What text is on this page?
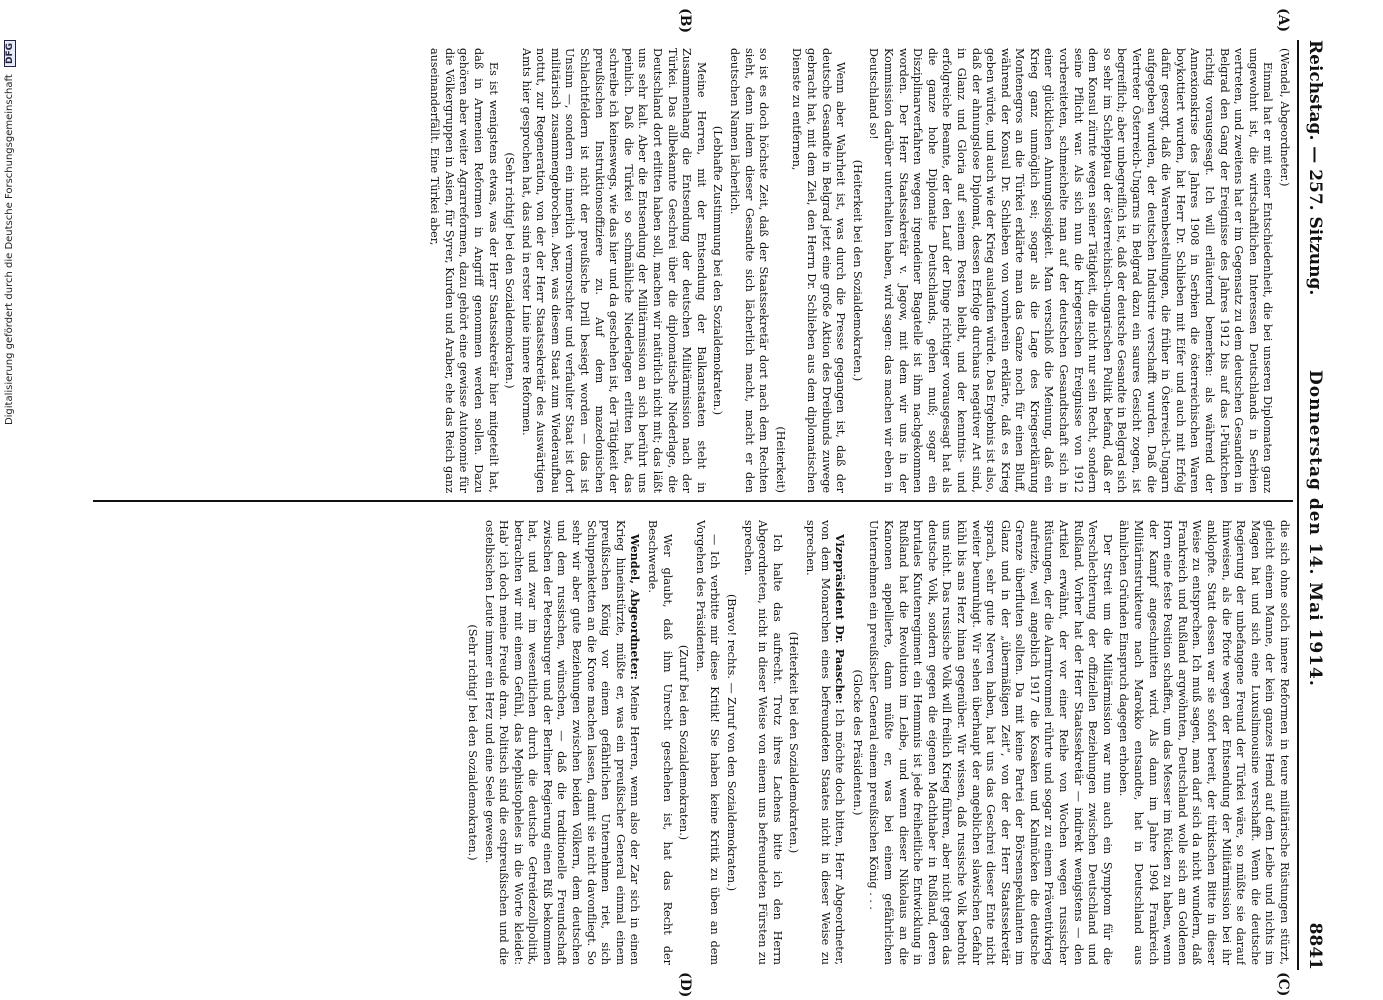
Reichstag. — 257. Sitzung.
Donnerstag den 14. Mai 1914.
8841
(A)
(B)
(C)
(D)

(Wendel, Abgeordneter.)

Einmal hat er mit einer Entschiedenheit, die bei unseren Diplomaten ganz ungewohnt ist, die wirtschaftlichen Interessen Deutschlands in Serbien vertreten, und zweitens hat er im Gegensatz zu dem deutschen Gesandten in Belgrad den Gang der Ereignisse des Jahres 1912 bis auf das I-Pünktchen richtig vorausgesagt. Ich will erläuternd bemerken: als während der Annexionskrise des Jahres 1908 in Serbien die österreichischen Waren boykottiert wurden, hat Herr Dr. Schlieben mit Eifer und auch mit Erfolg dafür gesorgt, daß die Warenbestellungen, die früher in Österreich-Ungarn aufgegeben wurden, der deutschen Industrie verschafft wurden. Daß die Vertreter Österreich-Ungarns in Belgrad dazu ein saures Gesicht zogen, ist begreiflich; aber unbegreiflich ist, daß der deutsche Gesandte in Belgrad sich so sehr im Schlepptau der österreichisch-ungarischen Politik befand, daß er dem Konsul zürnte wegen seiner Tätigkeit, die nicht nur sein Recht, sondern seine Pflicht war. Als sich nun die kriegerischen Ereignisse von 1912 vorbereiteten, schmeichelte man auf der deutschen Gesandtschaft sich in einer glücklichen Ahnungslosigkeit. Man verschloß die Meinung, daß ein Krieg ganz unmöglich sei; sogar als die Lage des Kriegserklärung Montenegros an die Türkei erklärte man das Ganze noch für einen Bluff, während der Konsul Dr. Schlieben von vornherein erklärte, daß es Krieg geben würde, und auch wie der Krieg auslaufen würde. Das Ergebnis ist also, daß der ahnungslose Diplomat, dessen Erfolge durchaus negativer Art sind, in Glanz und Gloria auf seinem Posten bleibt, und der kenntnis- und erfolgreiche Beamte, der den Lauf der Dinge richtiger vorausgesagt hat als die ganze hohe Diplomatie Deutschlands, gehen muß; sogar ein Disziplinarverfahren wegen irgendeiner Bagatelle ist ihm nachgekommen worden. Der Herr Staatssekretär v. Jagow, mit dem wir uns in der Kommission darüber unterhalten haben, wird sagen: das machen wir eben in Deutschland so!

(Heiterkeit bei den Sozialdemokraten.)

Wenn aber Wahrheit ist, was durch die Presse gegangen ist, daß der deutsche Gesandte in Belgrad jetzt eine große Aktion des Dreibunds zuwege gebracht hat, mit dem Ziel, den Herrn Dr. Schlieben aus dem diplomatischen Dienste zu entfernen,

(Heiterkeit)

so ist es doch höchste Zeit, daß der Staatssekretär dort nach dem Rechten sieht, denn indem dieser Gesandte sich lächerlich macht, macht er den deutschen Namen lächerlich.

(Lebhafte Zustimmung bei den Sozialdemokraten.)

Meine Herren, mit der Entsendung der Balkanstaaten steht in Zusammenhang die Entsendung der deutschen Militärmission nach der Türkei. Das allbekannte Geschrei über die diplomatische Niederlage, die Deutschland dort erlitten haben soll, machen wir natürlich nicht mit; das läßt uns sehr kalt. Aber die Entsendung der Militärmission an sich berührt uns peinlich. Daß die Türkei so schmähliche Niederlagen erlitten hat, das schreibe ich keineswegs, wie das hier und da geschehen ist, der Tätigkeit der preußischen Instruktionsoffiziere zu. Auf dem mazedonischen Schlachtfeldern ist nicht der preußische Drill besiegt worden — das ist Unsinn —, sondern ein innerlich vermorschter und verfaulter Staat ist dort militärisch zusammengebrochen. Aber, was diesem Staat zum Wiederaufbau nottut, zur Regeneration, von der der Herr Staatssekretär des Auswärtigen Amts hier gesprochen hat, das sind in erster Linie innere Reformen.

(Sehr richtig! bei den Sozialdemokraten.)

Es ist wenigstens etwas, was der Herr Staatssekretär hier mitgeteilt hat, daß in Armenien Reformen in Angriff genommen werden sollen. Dazu gehören aber weiter Agrarreformen, dazu gehört eine gewisse Autonomie für die Völkergruppen in Asien, für Syrer, Kurden und Araber, ehe das Reich ganz auseinanderfällt. Eine Türkei aber,

die sich ohne solch innere Reformen in teure militärische Rüstungen stürzt, gleicht einem Manne, der kein ganzes Hemd auf dem Leibe und nichts im Magen hat und sich eine Luxuslimousine verschafft. Wenn die deutsche Regierung der unbefangene Freund der Türkei wäre, so müßte sie darauf hinweisen, als die Pforte wegen der Entsendung der Militärmission bei ihr anklopfte. Statt dessen war sie sofort bereit, der türkischen Bitte in dieser Weise zu entsprechen. Ich muß sagen, man darf sich da nicht wundern, daß Frankreich und Rußland argwöhnten, Deutschland wolle sich am Goldenen Horn eine feste Position schaffen, um das Messer im Rücken zu haben, wenn der Kampf angeschnitten wird. Als dann im Jahre 1904 Frankreich Militärinstrukteure nach Marokko entsandte, hat in Deutschland aus ähnlichen Gründen Einspruch dagegen erhoben.

Der Streit um die Militärmission war nun auch ein Symptom für die Verschlechterung der offiziellen Beziehungen zwischen Deutschland und Rußland. Vorher hat der Herr Staatssekretär — indirekt wenigstens — den Artikel erwähnt, der vor einer Reihe von Wochen wegen russischer Rüstungen, der die Alarmtrommel rührte und sogar zu einem Präventivkrieg aufreizte, weil angeblich 1917 die Kosaken und Kalmücken die deutsche Grenze überfluten sollten. Da mit keine Partei der Börsenspekulanten im Glanz und in der „übermäßigen Zeit“, von der der Herr Staatssekretär sprach, sehr gute Nerven haben, hat uns das Geschrei dieser Ente nicht weiter beunruhigt. Wir sehen überhaupt der angeblichen slawischen Gefahr kühl bis ans Herz hinan gegenüber. Wir wissen, daß russische Volk bedroht uns nicht. Das russische Volk will freilich Krieg führen, aber nicht gegen das deutsche Volk, sondern gegen die eigenen Machthaber in Rußland, deren brutales Knutenregiment ein Hemmnis ist jede freiheitliche Entwicklung in Rußland hat die Revolution im Leibe, und wenn dieser Nikolaus an die Kanonen appellierte, dann müßte er, was bei einem gefährlichen Unternehmen ein preußischer General einem preußischen König . . .

(Glocke des Präsidenten.)

Vizepräsident Dr. Paasche: Ich möchte doch bitten, Herr Abgeordneter, von dem Monarchen eines befreundeten Staates nicht in dieser Weise zu sprechen.

(Heiterkeit bei den Sozialdemokraten.)

Ich halte das aufrecht. Trotz ihres Lachens bitte ich den Herrn Abgeordneten, nicht in dieser Weise von einem uns befreundeten Fürsten zu sprechen.

(Bravo! rechts. — Zuruf von den Sozialdemokraten.)

— Ich verbitte mir diese Kritik! Sie haben keine Kritik zu üben an dem Vorgehen des Präsidenten.

(Zuruf bei den Sozialdemokraten.)

Wer glaubt, daß ihm Unrecht geschehen ist, hat das Recht der Beschwerde.

Wendel, Abgeordneter: Meine Herren, wenn also der Zar sich in einen Krieg hineinstürzte, müßte er, was ein preußischer General einmal einem preußischen König vor einem gefährlichen Unternehmen riet, sich Schuppenketten an die Krone machen lassen, damit sie nicht davonfliegt. So sehr wir aber gute Beziehungen zwischen beiden Völkern, dem deutschen und dem russischen, wünschen, — daß die traditionelle Freundschaft zwischen der Petersburger und der Berliner Regierung einen Riß bekommen hat, und zwar im wesentlichen durch die deutsche Getreidezollpolitik, betrachten wir mit einem Gefühl, das Mephistopheles in die Worte kleidet: Hab' ich doch meine Freude dran. Politisch sind die ostpreußischen und die ostelbischen Leute immer ein Herz und eine Seele gewesen.

(Sehr richtig! bei den Sozialdemokraten.)

Digitalisierung gefördert durch die Deutsche Forschungsgemeinschaft DFG
